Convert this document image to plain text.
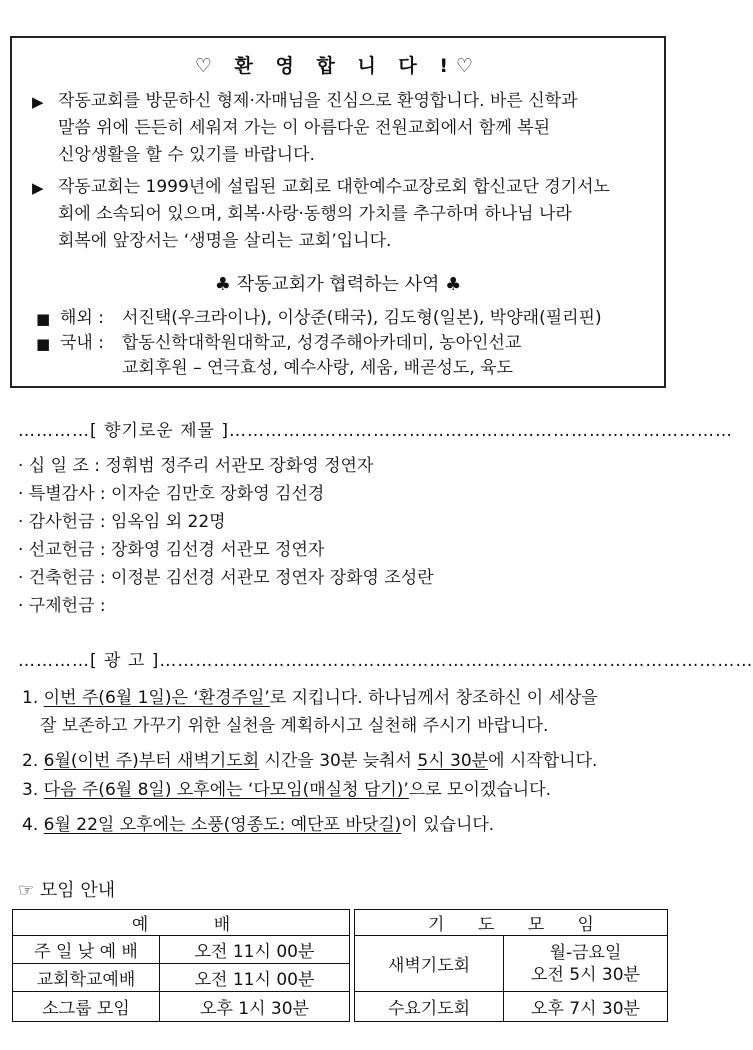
♡ 환 영 합 니 다 !♡
▶ 작동교회를 방문하신 형제·자매님을 진심으로 환영합니다. 바른 신학과
말씀 위에 든든히 세워져 가는 이 아름다운 전원교회에서 함께 복된
신앙생활을 할 수 있기를 바랍니다.
▶ 작동교회는 1999년에 설립된 교회로 대한예수교장로회 합신교단 경기서노
회에 소속되어 있으며, 회복·사랑·동행의 가치를 추구하며 하나님 나라
회복에 앞장서는 ‘생명을 살리는 교회’입니다.
♣ 작동교회가 협력하는 사역 ♣
■ 해외 : 서진택(우크라이나), 이상준(태국), 김도형(일본), 박양래(필리핀)
■ 국내 : 합동신학대학원대학교, 성경주해아카데미, 농아인선교
교회후원 – 연극효성, 예수사랑, 세움, 배곧성도, 육도
…………[ 향기로운 제물 ]…………………………………………………………………………
· 십 일 조 : 정휘범 정주리 서관모 장화영 정연자
· 특별감사 : 이자순 김만호 장화영 김선경
· 감사헌금 : 임옥임 외 22명
· 선교헌금 : 장화영 김선경 서관모 정연자
· 건축헌금 : 이정분 김선경 서관모 정연자 장화영 조성란
· 구제헌금 :
…………[ 광 고 ]………………………………………………………………………………………
1. 이번 주(6월 1일)은 ‘환경주일’로 지킵니다. 하나님께서 창조하신 이 세상을
잘 보존하고 가꾸기 위한 실천을 계획하시고 실천해 주시기 바랍니다.
2. 6월(이번 주)부터 새벽기도회 시간을 30분 늦춰서 5시 30분에 시작합니다.
3. 다음 주(6월 8일) 오후에는 ‘다모임(매실청 담기)’으로 모이겠습니다.
4. 6월 22일 오후에는 소풍(영종도: 예단포 바닷길)이 있습니다.
☞ 모임 안내
예 배	
주 일 낮 예 배	오전 11시 00분
교회학교예배	오전 11시 00분
소그룹 모임	오후 1시 30분
기 도 모 임	
새벽기도회	월-금요일
오전 5시 30분

수요기도회	오후 7시 30분
